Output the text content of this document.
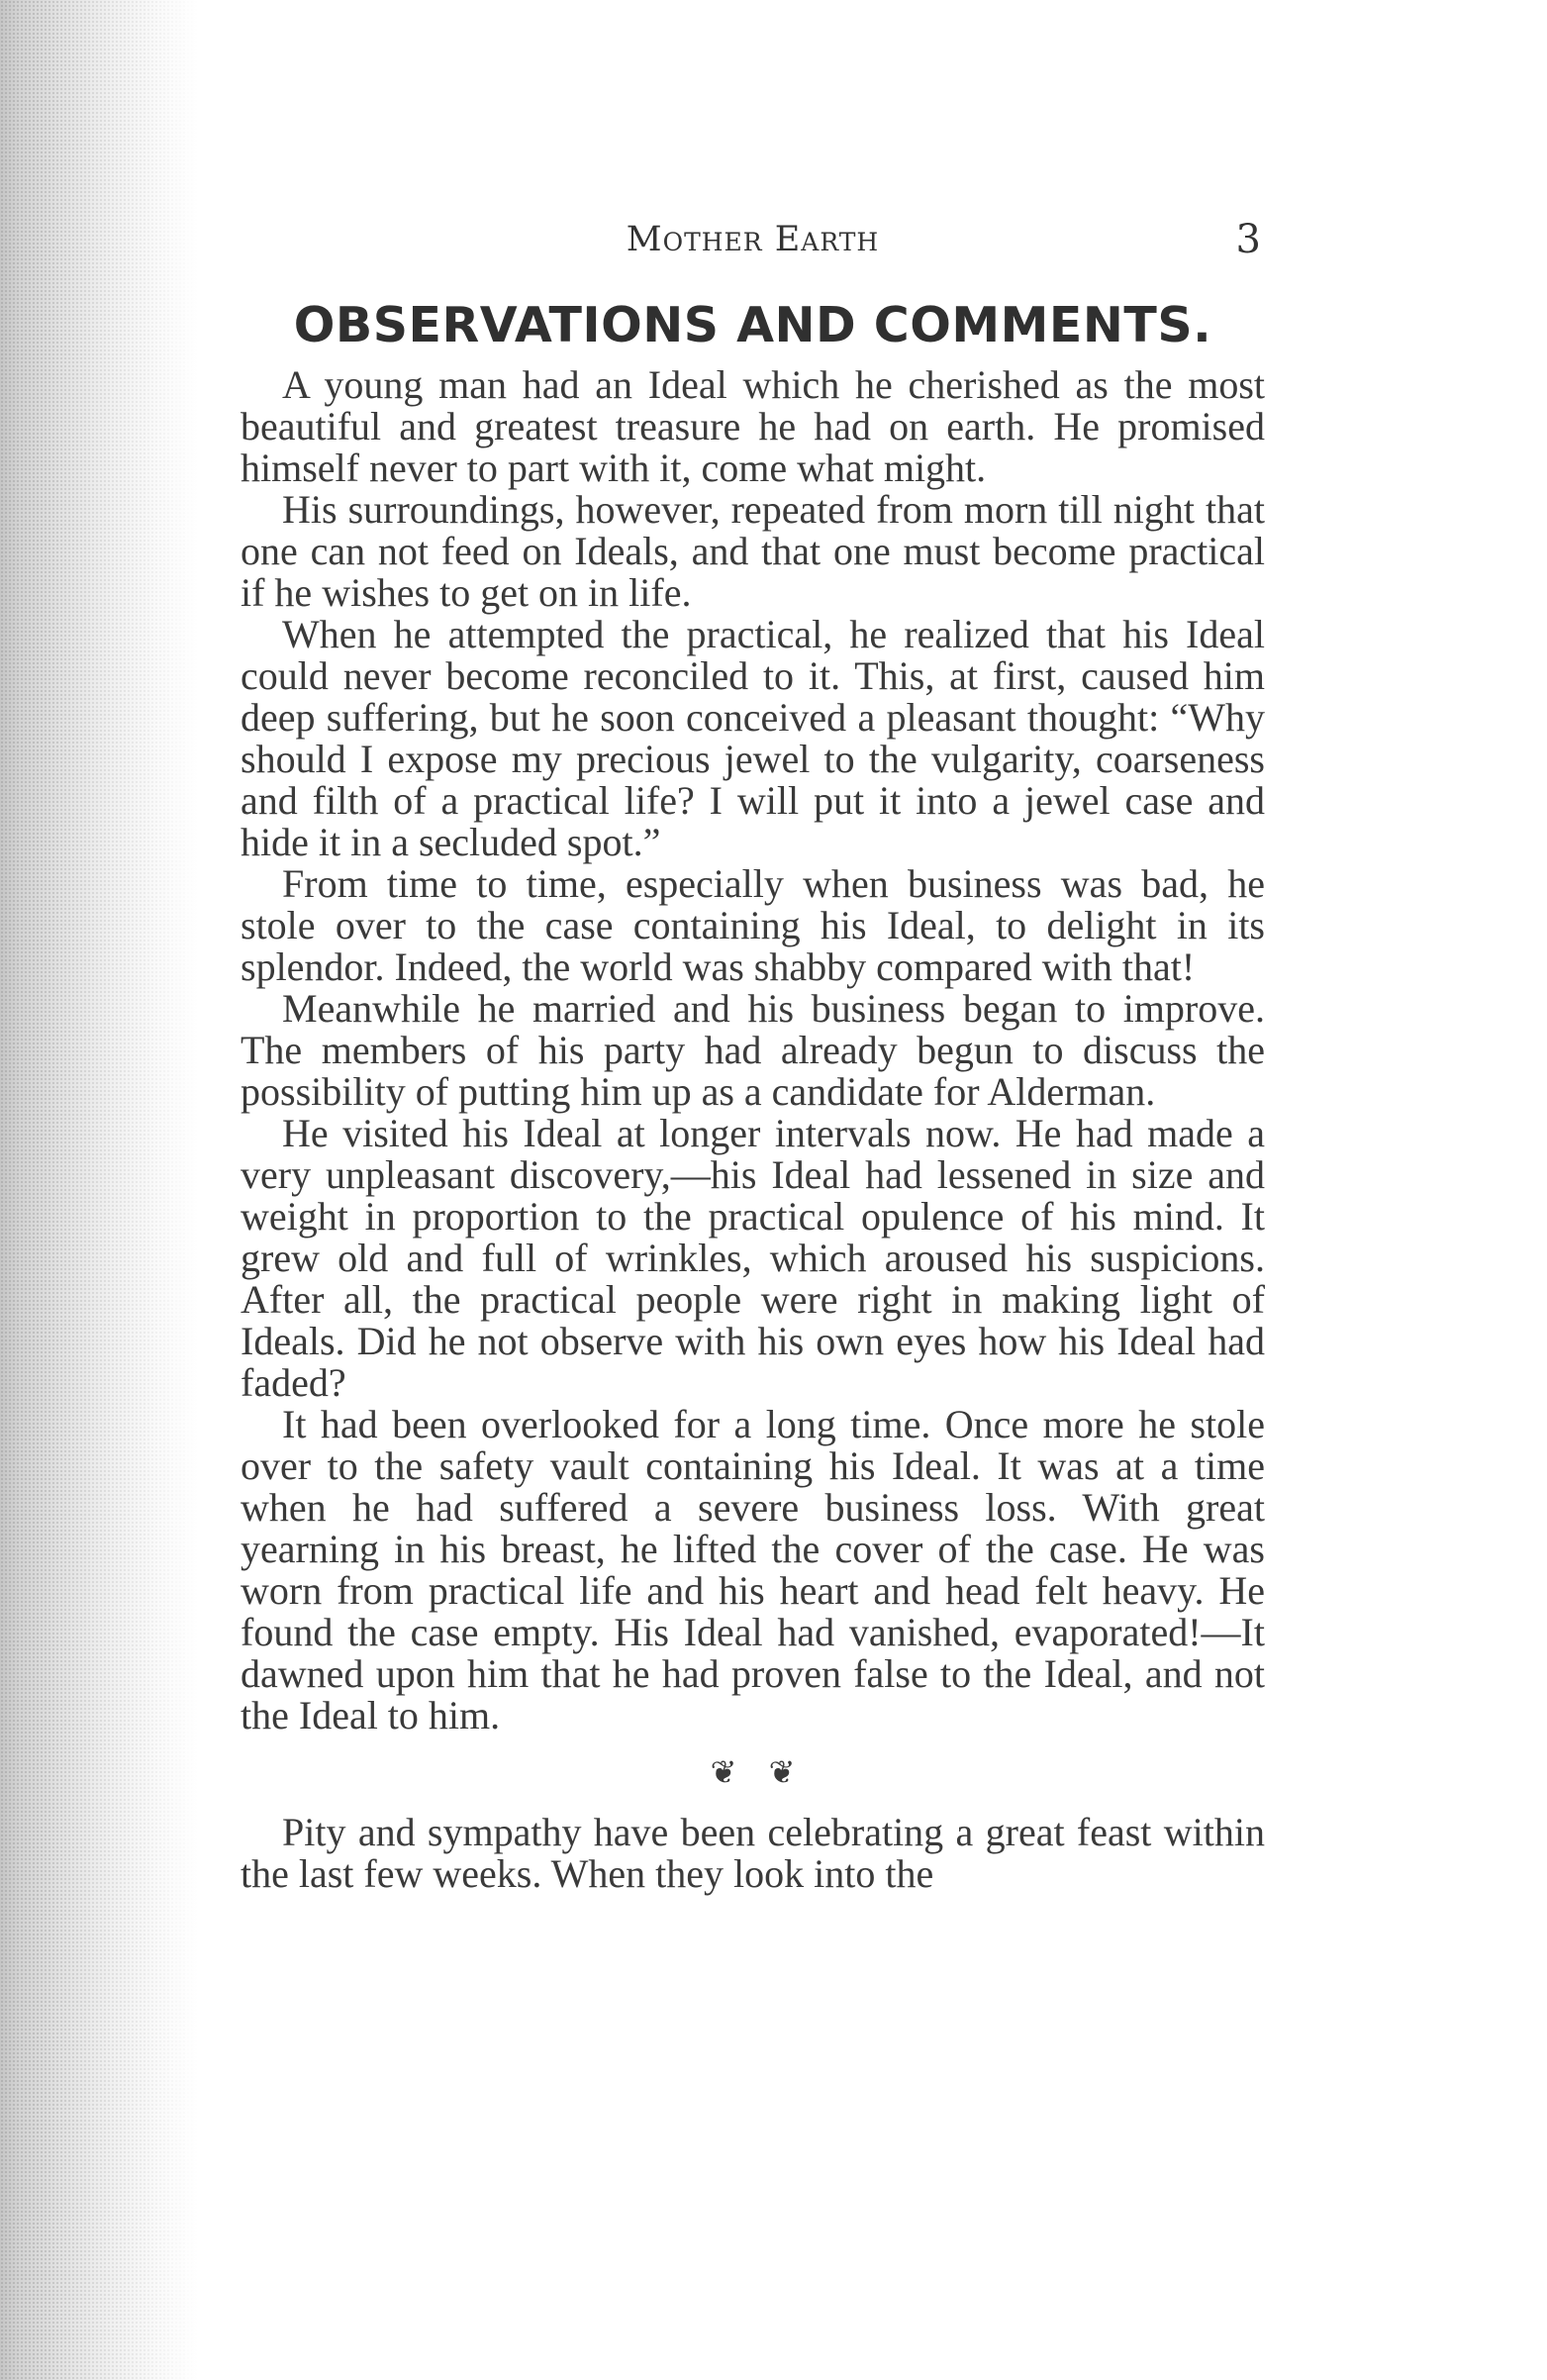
Mother Earth	3
OBSERVATIONS AND COMMENTS.

A young man had an Ideal which he cherished as the most beautiful and greatest treasure he had on earth. He promised himself never to part with it, come what might.

His surroundings, however, repeated from morn till night that one can not feed on Ideals, and that one must become practical if he wishes to get on in life.

When he attempted the practical, he realized that his Ideal could never become reconciled to it. This, at first, caused him deep suffering, but he soon conceived a pleasant thought: “Why should I expose my precious jewel to the vulgarity, coarseness and filth of a practical life? I will put it into a jewel case and hide it in a secluded spot.”

From time to time, especially when business was bad, he stole over to the case containing his Ideal, to delight in its splendor. Indeed, the world was shabby compared with that!

Meanwhile he married and his business began to improve. The members of his party had already begun to discuss the possibility of putting him up as a candidate for Alderman.

He visited his Ideal at longer intervals now. He had made a very unpleasant discovery,—his Ideal had lessened in size and weight in proportion to the practical opulence of his mind. It grew old and full of wrinkles, which aroused his suspicions. After all, the practical people were right in making light of Ideals. Did he not observe with his own eyes how his Ideal had faded?

It had been overlooked for a long time. Once more he stole over to the safety vault containing his Ideal. It was at a time when he had suffered a severe business loss. With great yearning in his breast, he lifted the cover of the case. He was worn from practical life and his heart and head felt heavy. He found the case empty. His Ideal had vanished, evaporated!—It dawned upon him that he had proven false to the Ideal, and not the Ideal to him.

❦ ❦

Pity and sympathy have been celebrating a great feast within the last few weeks. When they look into the
